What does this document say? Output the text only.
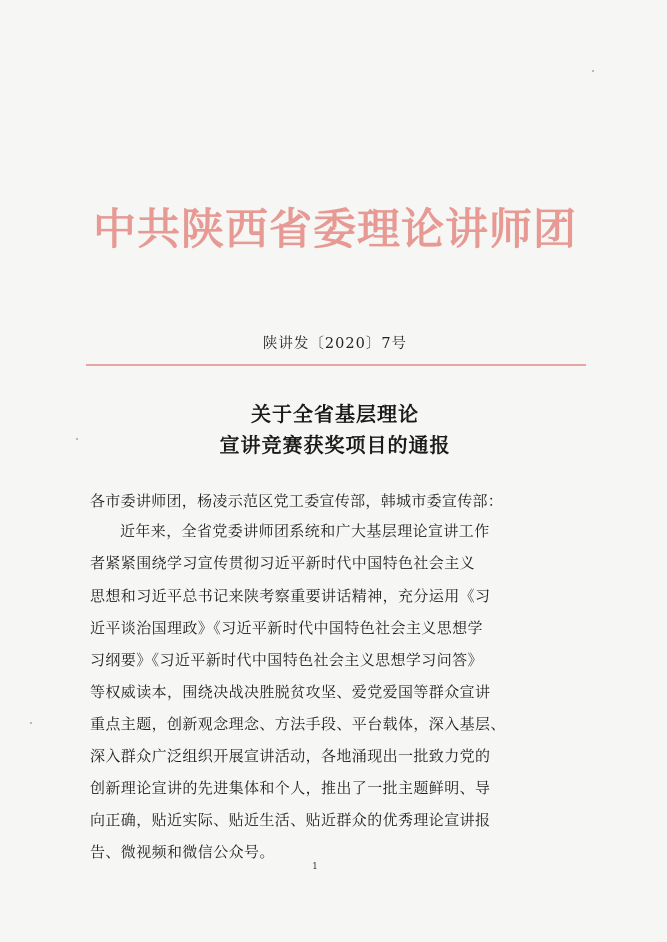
中共陕西省委理论讲师团
陕讲发〔2020〕7号
关于全省基层理论
宣讲竞赛获奖项目的通报
各市委讲师团，杨凌示范区党工委宣传部，韩城市委宣传部：
近年来，全省党委讲师团系统和广大基层理论宣讲工作
者紧紧围绕学习宣传贯彻习近平新时代中国特色社会主义
思想和习近平总书记来陕考察重要讲话精神，充分运用《习
近平谈治国理政》《习近平新时代中国特色社会主义思想学
习纲要》《习近平新时代中国特色社会主义思想学习问答》
等权威读本，围绕决战决胜脱贫攻坚、爱党爱国等群众宣讲
重点主题，创新观念理念、方法手段、平台载体，深入基层、
深入群众广泛组织开展宣讲活动，各地涌现出一批致力党的
创新理论宣讲的先进集体和个人，推出了一批主题鲜明、导
向正确，贴近实际、贴近生活、贴近群众的优秀理论宣讲报
告、微视频和微信公众号。
1
